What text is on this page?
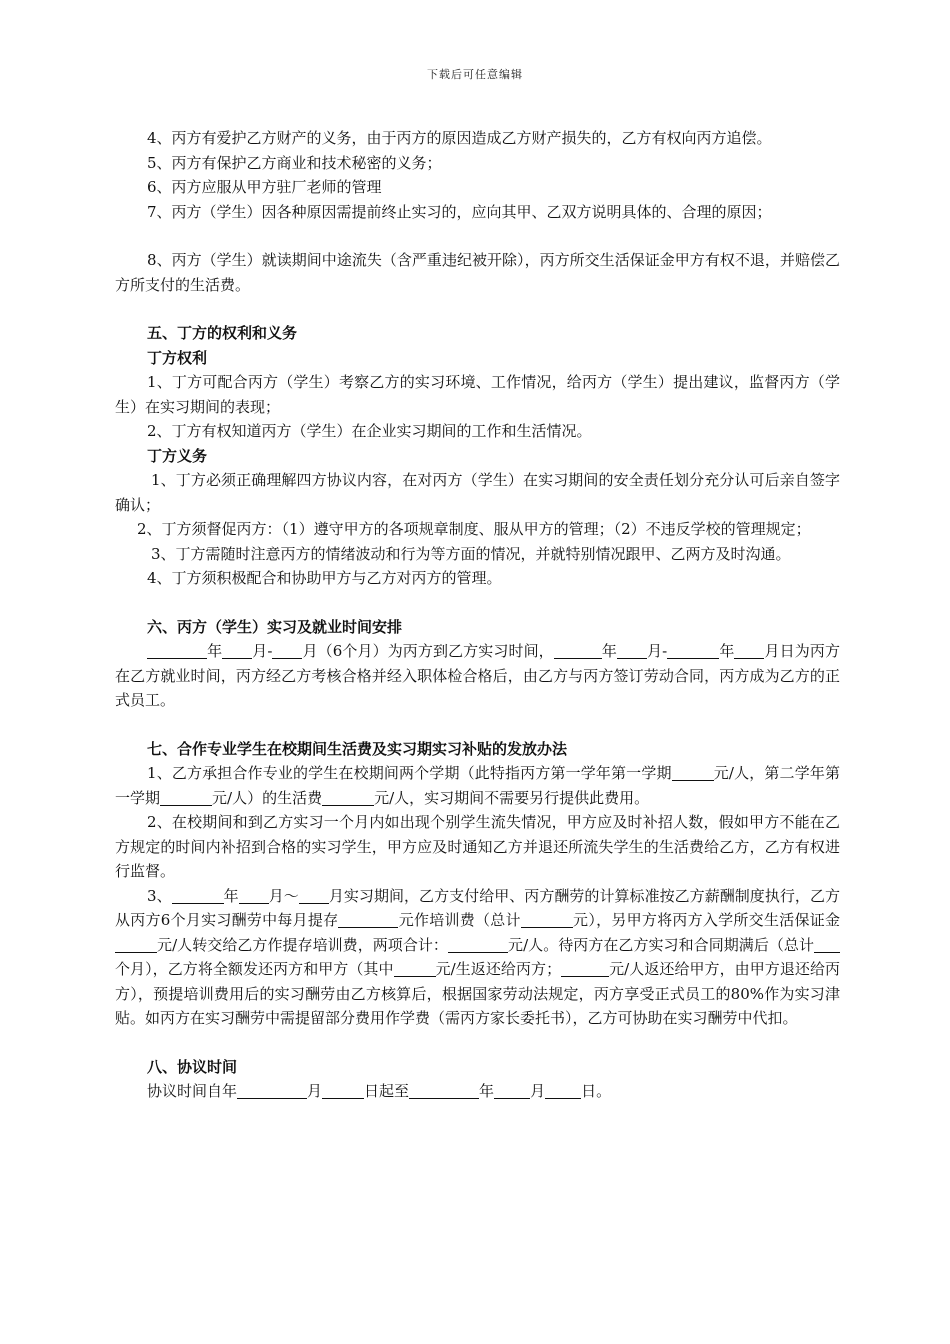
下载后可任意编辑

4、丙方有爱护乙方财产的义务，由于丙方的原因造成乙方财产损失的，乙方有权向丙方追偿。

5、丙方有保护乙方商业和技术秘密的义务；

6、丙方应服从甲方驻厂老师的管理

7、丙方（学生）因各种原因需提前终止实习的，应向其甲、乙双方说明具体的、合理的原因；

8、丙方（学生）就读期间中途流失（含严重违纪被开除），丙方所交生活保证金甲方有权不退，并赔偿乙方所支付的生活费。

五、丁方的权利和义务

丁方权利

1、丁方可配合丙方（学生）考察乙方的实习环境、工作情况，给丙方（学生）提出建议，监督丙方（学生）在实习期间的表现；

2、丁方有权知道丙方（学生）在企业实习期间的工作和生活情况。

丁方义务

1、丁方必须正确理解四方协议内容，在对丙方（学生）在实习期间的安全责任划分充分认可后亲自签字确认；

2、丁方须督促丙方：（1）遵守甲方的各项规章制度、服从甲方的管理；（2）不违反学校的管理规定；

3、丁方需随时注意丙方的情绪波动和行为等方面的情况，并就特别情况跟甲、乙两方及时沟通。

4、丁方须积极配合和协助甲方与乙方对丙方的管理。

六、丙方（学生）实习及就业时间安排

年 月- 月（6个月）为丙方到乙方实习时间，	年 月-	年 月日为丙方在乙方就业时间，丙方经乙方考核合格并经入职体检合格后，由乙方与丙方签订劳动合同，丙方成为乙方的正式员工。

七、合作专业学生在校期间生活费及实习期实习补贴的发放办法

1、乙方承担合作专业的学生在校期间两个学期（此特指丙方第一学年第一学期	元/人，第二学年第一学期	元/人）的生活费	元/人，实习期间不需要另行提供此费用。

2、在校期间和到乙方实习一个月内如出现个别学生流失情况，甲方应及时补招人数，假如甲方不能在乙方规定的时间内补招到合格的实习学生，甲方应及时通知乙方并退还所流失学生的生活费给乙方，乙方有权进行监督。

3、	年 月～ 月实习期间，乙方支付给甲、丙方酬劳的计算标准按乙方薪酬制度执行，乙方从丙方6个月实习酬劳中每月提存	元作培训费（总计	元），另甲方将丙方入学所交生活保证金元/人转交给乙方作提存培训费，两项合计：	元/人。待丙方在乙方实习和合同期满后（总计个月），乙方将全额发还丙方和甲方（其中	元/生返还给丙方；	元/人返还给甲方，由甲方退还给丙方），预提培训费用后的实习酬劳由乙方核算后，根据国家劳动法规定，丙方享受正式员工的80%作为实习津贴。如丙方在实习酬劳中需提留部分费用作学费（需丙方家长委托书），乙方可协助在实习酬劳中代扣。

八、协议时间

协议时间自年	月	日起至	年 月 日。
